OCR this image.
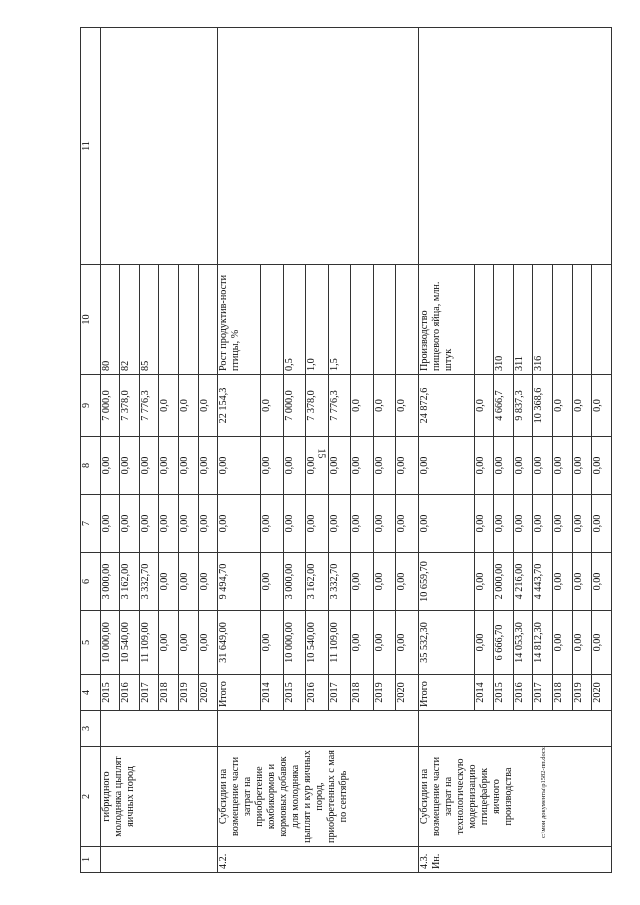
15
c:\мои документы\р1582-пп.docx
1	2	3	4	5	6	7	8	9	10	11
	гибридного молодняка цыплят яичных пород		2015	10 000,00	3 000,00	0,00	0,00	7 000,0	80	
			2016	10 540,00	3 162,00	0,00	0,00	7 378,0	82	
			2017	11 109,00	3 332,70	0,00	0,00	7 776,3	85	
			2018	0,00	0,00	0,00	0,00	0,0		
			2019	0,00	0,00	0,00	0,00	0,0		
			2020	0,00	0,00	0,00	0,00	0,0		

4.2.	Субсидии на возмещение части затрат на приобретение комбикормов и кормовых добавок для молодняка цыплят и кур яичных пород, приобретенных с мая по сентябрь		Итого	31 649,00	9 494,70	0,00	0,00	22 154,3	Рост продуктив-ности птицы, %	
			2014	0,00	0,00	0,00	0,00	0,0		
			2015	10 000,00	3 000,00	0,00	0,00	7 000,0	0,5	
			2016	10 540,00	3 162,00	0,00	0,00	7 378,0	1,0	
			2017	11 109,00	3 332,70	0,00	0,00	7 776,3	1,5	
			2018	0,00	0,00	0,00	0,00	0,0		
			2019	0,00	0,00	0,00	0,00	0,0		
			2020	0,00	0,00	0,00	0,00	0,0		

4.3. Ин.	Субсидии на возмещение части затрат на технологическую модернизацию птицефабрик яичного производства		Итого	35 532,30	10 659,70	0,00	0,00	24 872,6	Производство пищевого яйца, млн. штук	
			2014	0,00	0,00	0,00	0,00	0,0		
			2015	6 666,70	2 000,00	0,00	0,00	4 666,7	310	
			2016	14 053,30	4 216,00	0,00	0,00	9 837,3	311	
			2017	14 812,30	4 443,70	0,00	0,00	10 368,6	316	
			2018	0,00	0,00	0,00	0,00	0,0		
			2019	0,00	0,00	0,00	0,00	0,0		
			2020	0,00	0,00	0,00	0,00	0,0		
